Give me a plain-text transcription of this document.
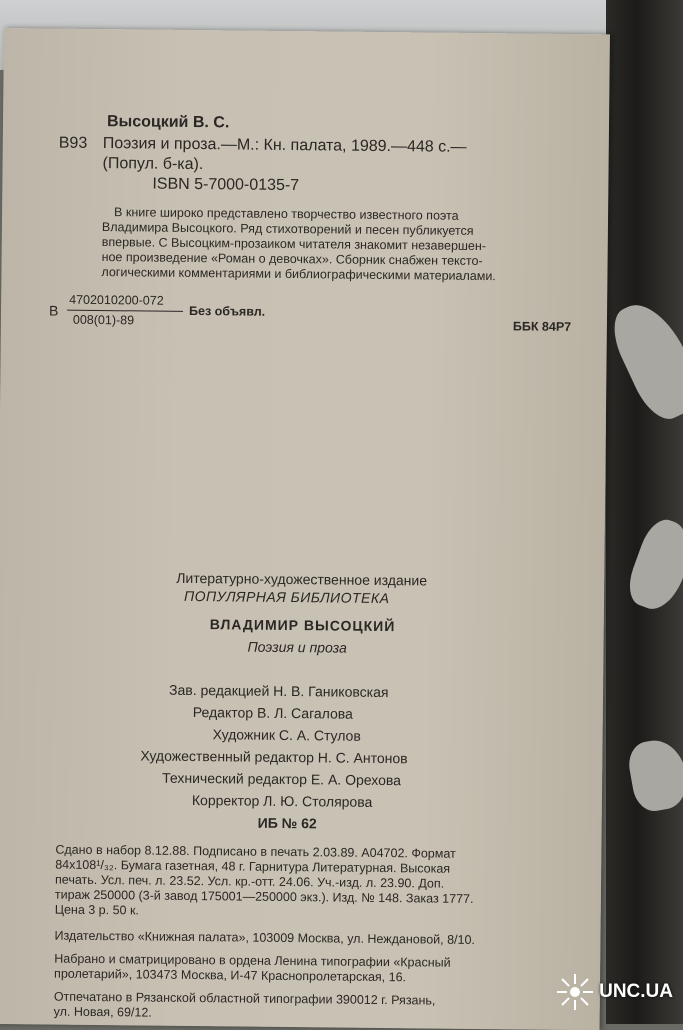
Высоцкий В. С.
В93 Поэзия и проза.—М.: Кн. палата, 1989.—448 с.—
(Попул. б-ка).
ISBN 5-7000-0135-7
В книге широко представлено творчество известного поэта
Владимира Высоцкого. Ряд стихотворений и песен публикуется
впервые. С Высоцким-прозаиком читателя знакомит незавершен-
ное произведение «Роман о девочках». Сборник снабжен тексто-
логическими комментариями и библиографическими материалами.
В
4702010200-072
008(01)-89
Без объявл.
ББК 84Р7
Литературно-художественное издание
ПОПУЛЯРНАЯ БИБЛИОТЕКА
ВЛАДИМИР ВЫСОЦКИЙ
Поэзия и проза
Зав. редакцией Н. В. Ганиковская
Редактор В. Л. Сагалова
Художник С. А. Стулов
Художественный редактор Н. С. Антонов
Технический редактор Е. А. Орехова
Корректор Л. Ю. Столярова
ИБ № 62
Сдано в набор 8.12.88. Подписано в печать 2.03.89. А04702. Формат
84x108¹/₃₂. Бумага газетная, 48 г. Гарнитура Литературная. Высокая
печать. Усл. печ. л. 23.52. Усл. кр.-отт. 24.06. Уч.-изд. л. 23.90. Доп.
тираж 250000 (3-й завод 175001—250000 экз.). Изд. № 148. Заказ 1777.
Цена 3 р. 50 к.
Издательство «Книжная палата», 103009 Москва, ул. Неждановой, 8/10.
Набрано и сматрицировано в ордена Ленина типографии «Красный
пролетарий», 103473 Москва, И-47 Краснопролетарская, 16.
Отпечатано в Рязанской областной типографии 390012 г. Рязань,
ул. Новая, 69/12.
UNC.UA
